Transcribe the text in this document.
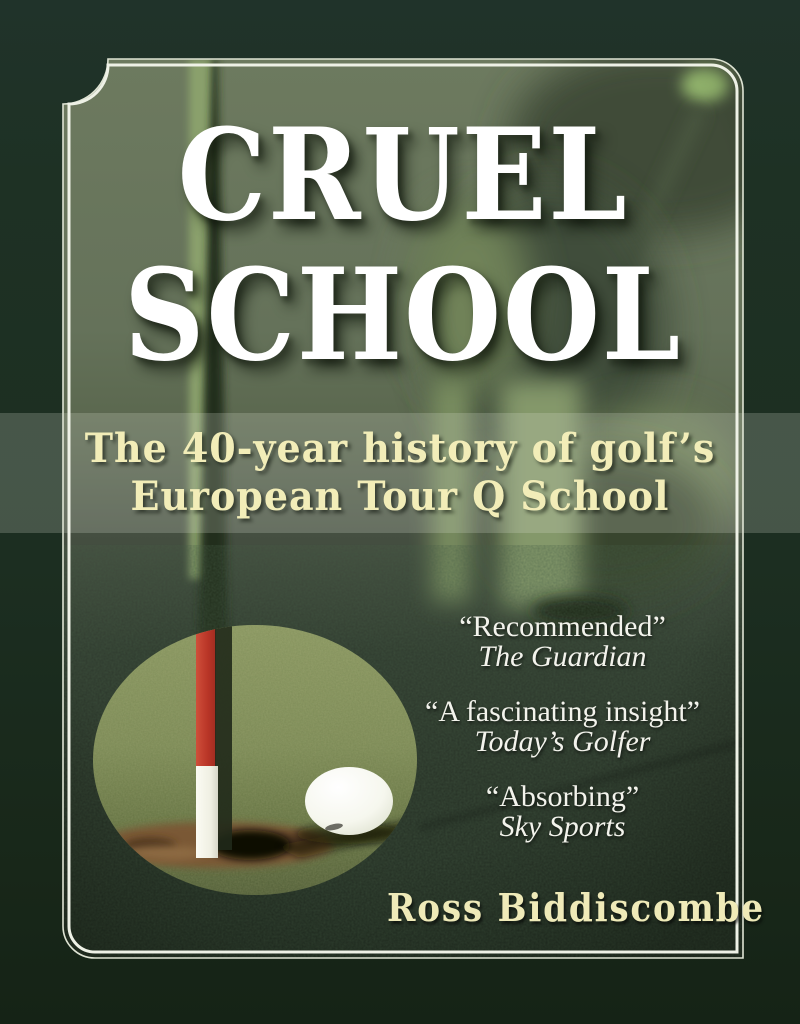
CRUEL
SCHOOL
The 40-year history of golf’s
European Tour Q School
“Recommended”
The Guardian
“A fascinating insight”
Today’s Golfer
“Absorbing”
Sky Sports
Ross Biddiscombe
